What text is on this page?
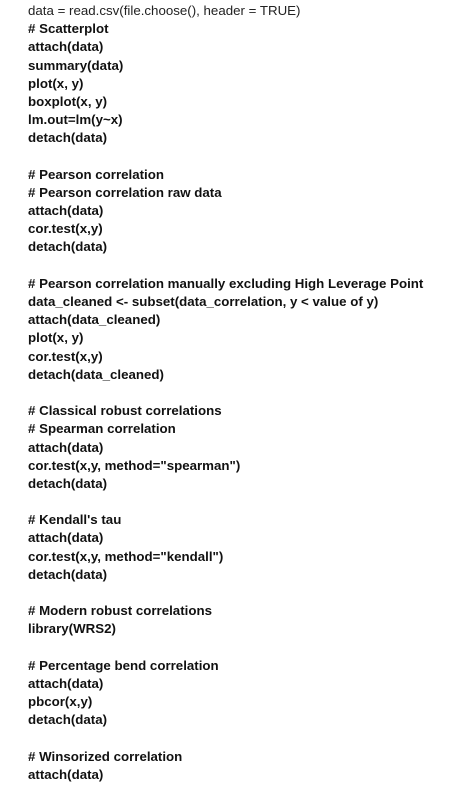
data = read.csv(file.choose(), header = TRUE)
# Scatterplot
attach(data)
summary(data)
plot(x, y)
boxplot(x, y)
lm.out=lm(y~x)
detach(data)
# Pearson correlation
# Pearson correlation raw data
attach(data)
cor.test(x,y)
detach(data)
# Pearson correlation manually excluding High Leverage Point
data_cleaned <- subset(data_correlation, y < value of y)
attach(data_cleaned)
plot(x, y)
cor.test(x,y)
detach(data_cleaned)
# Classical robust correlations
# Spearman correlation
attach(data)
cor.test(x,y, method="spearman")
detach(data)
# Kendall's tau
attach(data)
cor.test(x,y, method="kendall")
detach(data)
# Modern robust correlations
library(WRS2)
# Percentage bend correlation
attach(data)
pbcor(x,y)
detach(data)
# Winsorized correlation
attach(data)
